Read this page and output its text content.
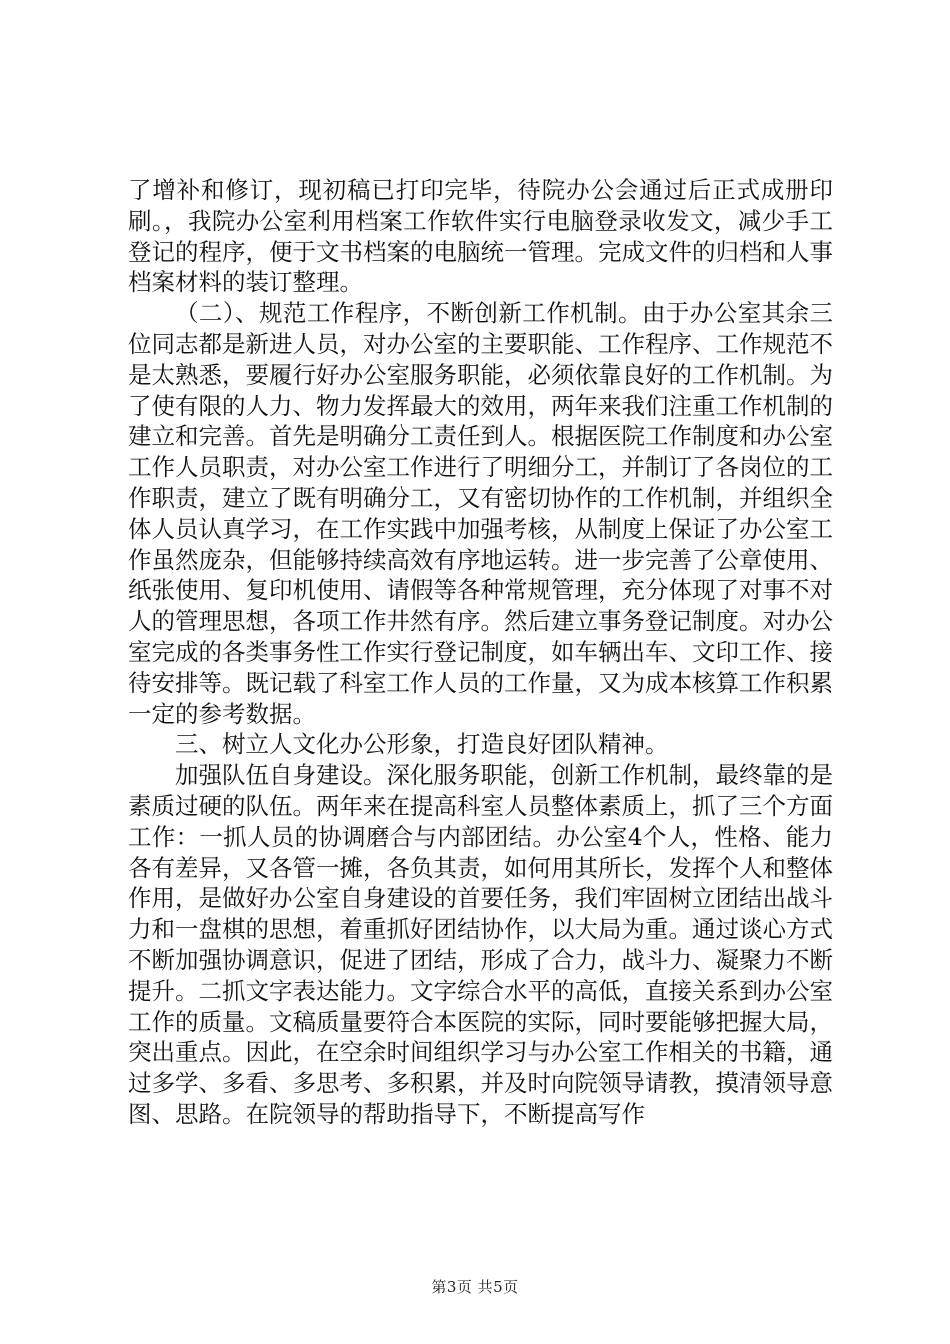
了增补和修订，现初稿已打印完毕，待院办公会通过后正式成册印刷。，我院办公室利用档案工作软件实行电脑登录收发文，减少手工登记的程序，便于文书档案的电脑统一管理。完成文件的归档和人事档案材料的装订整理。

（二）、规范工作程序，不断创新工作机制。由于办公室其余三位同志都是新进人员，对办公室的主要职能、工作程序、工作规范不是太熟悉，要履行好办公室服务职能，必须依靠良好的工作机制。为了使有限的人力、物力发挥最大的效用，两年来我们注重工作机制的建立和完善。首先是明确分工责任到人。根据医院工作制度和办公室工作人员职责，对办公室工作进行了明细分工，并制订了各岗位的工作职责，建立了既有明确分工，又有密切协作的工作机制，并组织全体人员认真学习，在工作实践中加强考核，从制度上保证了办公室工作虽然庞杂，但能够持续高效有序地运转。进一步完善了公章使用、纸张使用、复印机使用、请假等各种常规管理，充分体现了对事不对人的管理思想，各项工作井然有序。然后建立事务登记制度。对办公室完成的各类事务性工作实行登记制度，如车辆出车、文印工作、接待安排等。既记载了科室工作人员的工作量，又为成本核算工作积累一定的参考数据。

三、树立人文化办公形象，打造良好团队精神。

加强队伍自身建设。深化服务职能，创新工作机制，最终靠的是素质过硬的队伍。两年来在提高科室人员整体素质上，抓了三个方面工作：一抓人员的协调磨合与内部团结。办公室4个人，性格、能力各有差异，又各管一摊，各负其责，如何用其所长，发挥个人和整体作用，是做好办公室自身建设的首要任务，我们牢固树立团结出战斗力和一盘棋的思想，着重抓好团结协作，以大局为重。通过谈心方式不断加强协调意识，促进了团结，形成了合力，战斗力、凝聚力不断提升。二抓文字表达能力。文字综合水平的高低，直接关系到办公室工作的质量。文稿质量要符合本医院的实际，同时要能够把握大局，突出重点。因此，在空余时间组织学习与办公室工作相关的书籍，通过多学、多看、多思考、多积累，并及时向院领导请教，摸清领导意图、思路。在院领导的帮助指导下，不断提高写作

第3页 共5页
